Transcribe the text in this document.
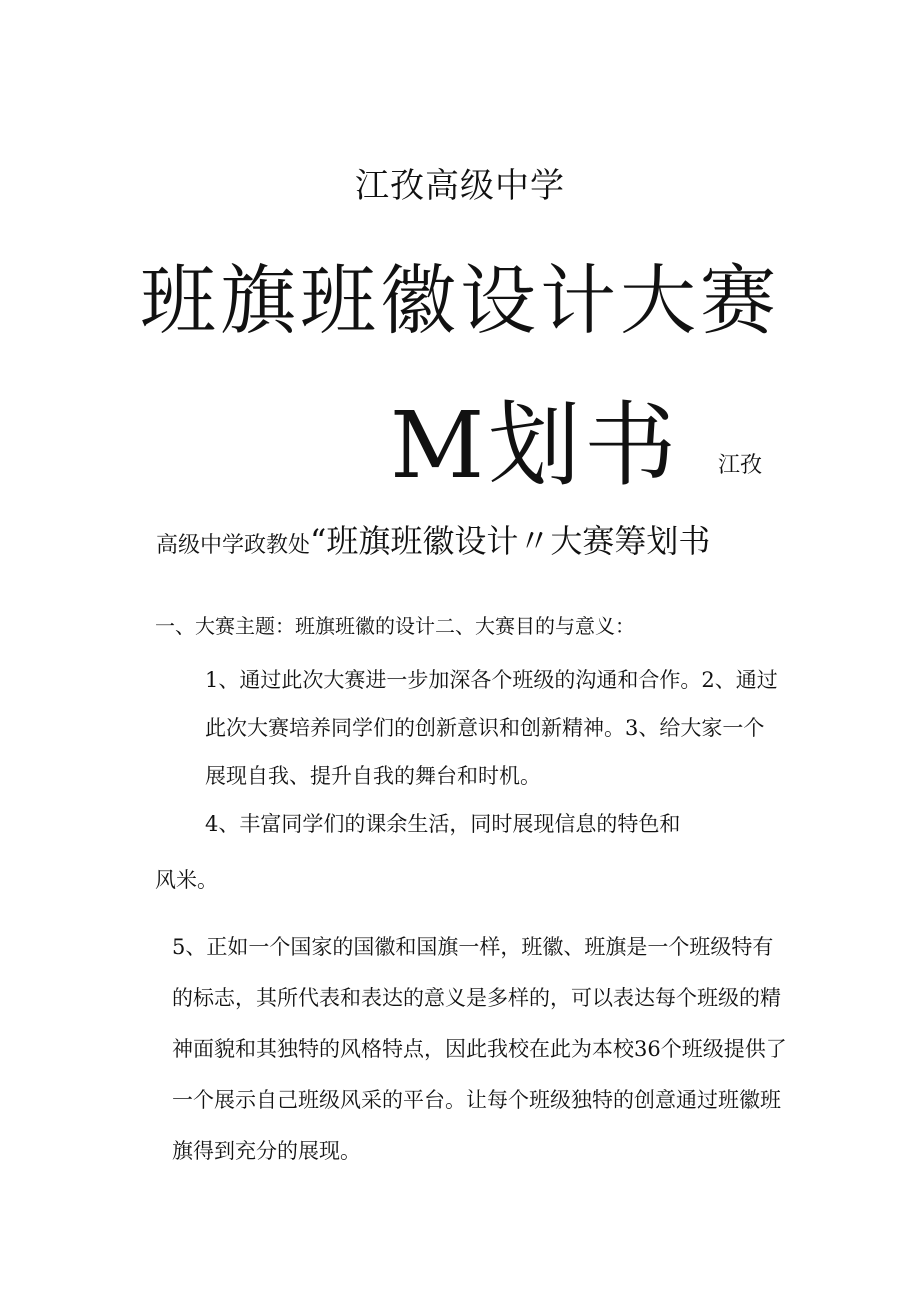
江孜高级中学
班旗班徽设计大赛
M划书 江孜
高级中学政教处“班旗班徽设计〃大赛筹划书
一、大赛主题：班旗班徽的设计二、大赛目的与意义：
1、通过此次大赛进一步加深各个班级的沟通和合作。2、通过此次大赛培养同学们的创新意识和创新精神。3、给大家一个展现自我、提升自我的舞台和时机。
4、丰富同学们的课余生活，同时展现信息的特色和
风米。
5、正如一个国家的国徽和国旗一样，班徽、班旗是一个班级特有的标志，其所代表和表达的意义是多样的，可以表达每个班级的精神面貌和其独特的风格特点，因此我校在此为本校36个班级提供了一个展示自己班级风采的平台。让每个班级独特的创意通过班徽班旗得到充分的展现。
